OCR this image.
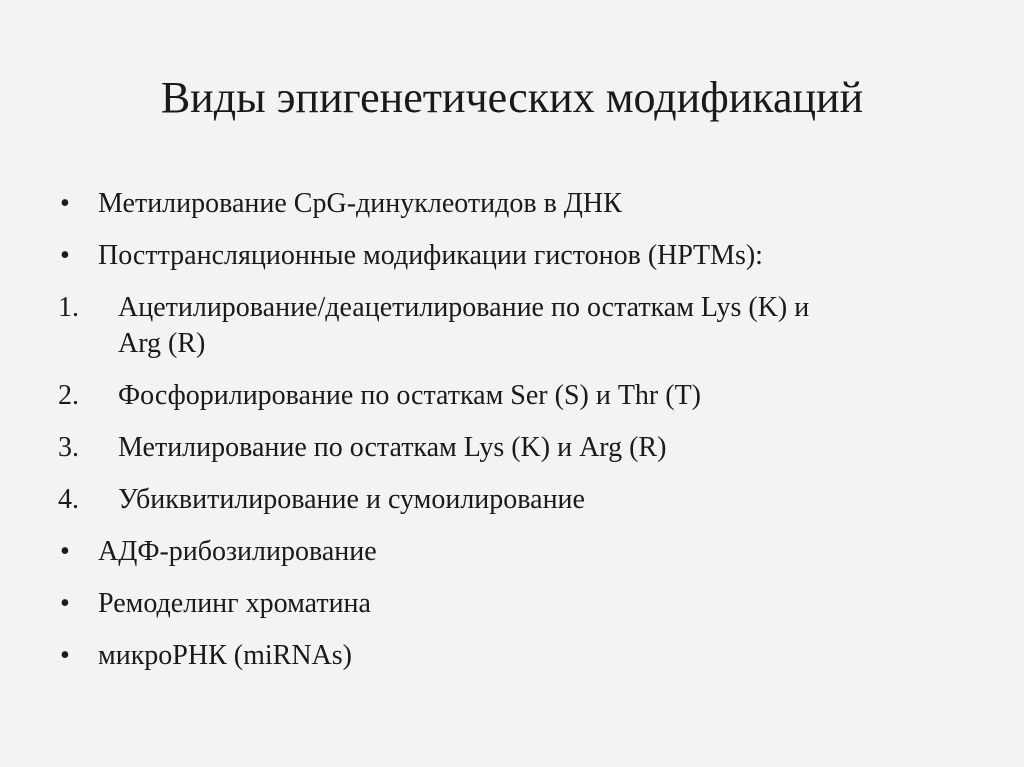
Виды эпигенетических модификаций
•	Метилирование CpG-динуклеотидов в ДНК
•	Посттрансляционные модификации гистонов (HPTMs):
1. Ацетилирование/деацетилирование по остаткам Lys (K) и
Arg (R)
2.	Фосфорилирование по остаткам Ser (S) и Thr (T)
3.	Метилирование по остаткам Lys (K) и Arg (R)
4.	Убиквитилирование и сумоилирование
•	АДФ-рибозилирование
•	Ремоделинг хроматина
•	микроРНК (miRNAs)
